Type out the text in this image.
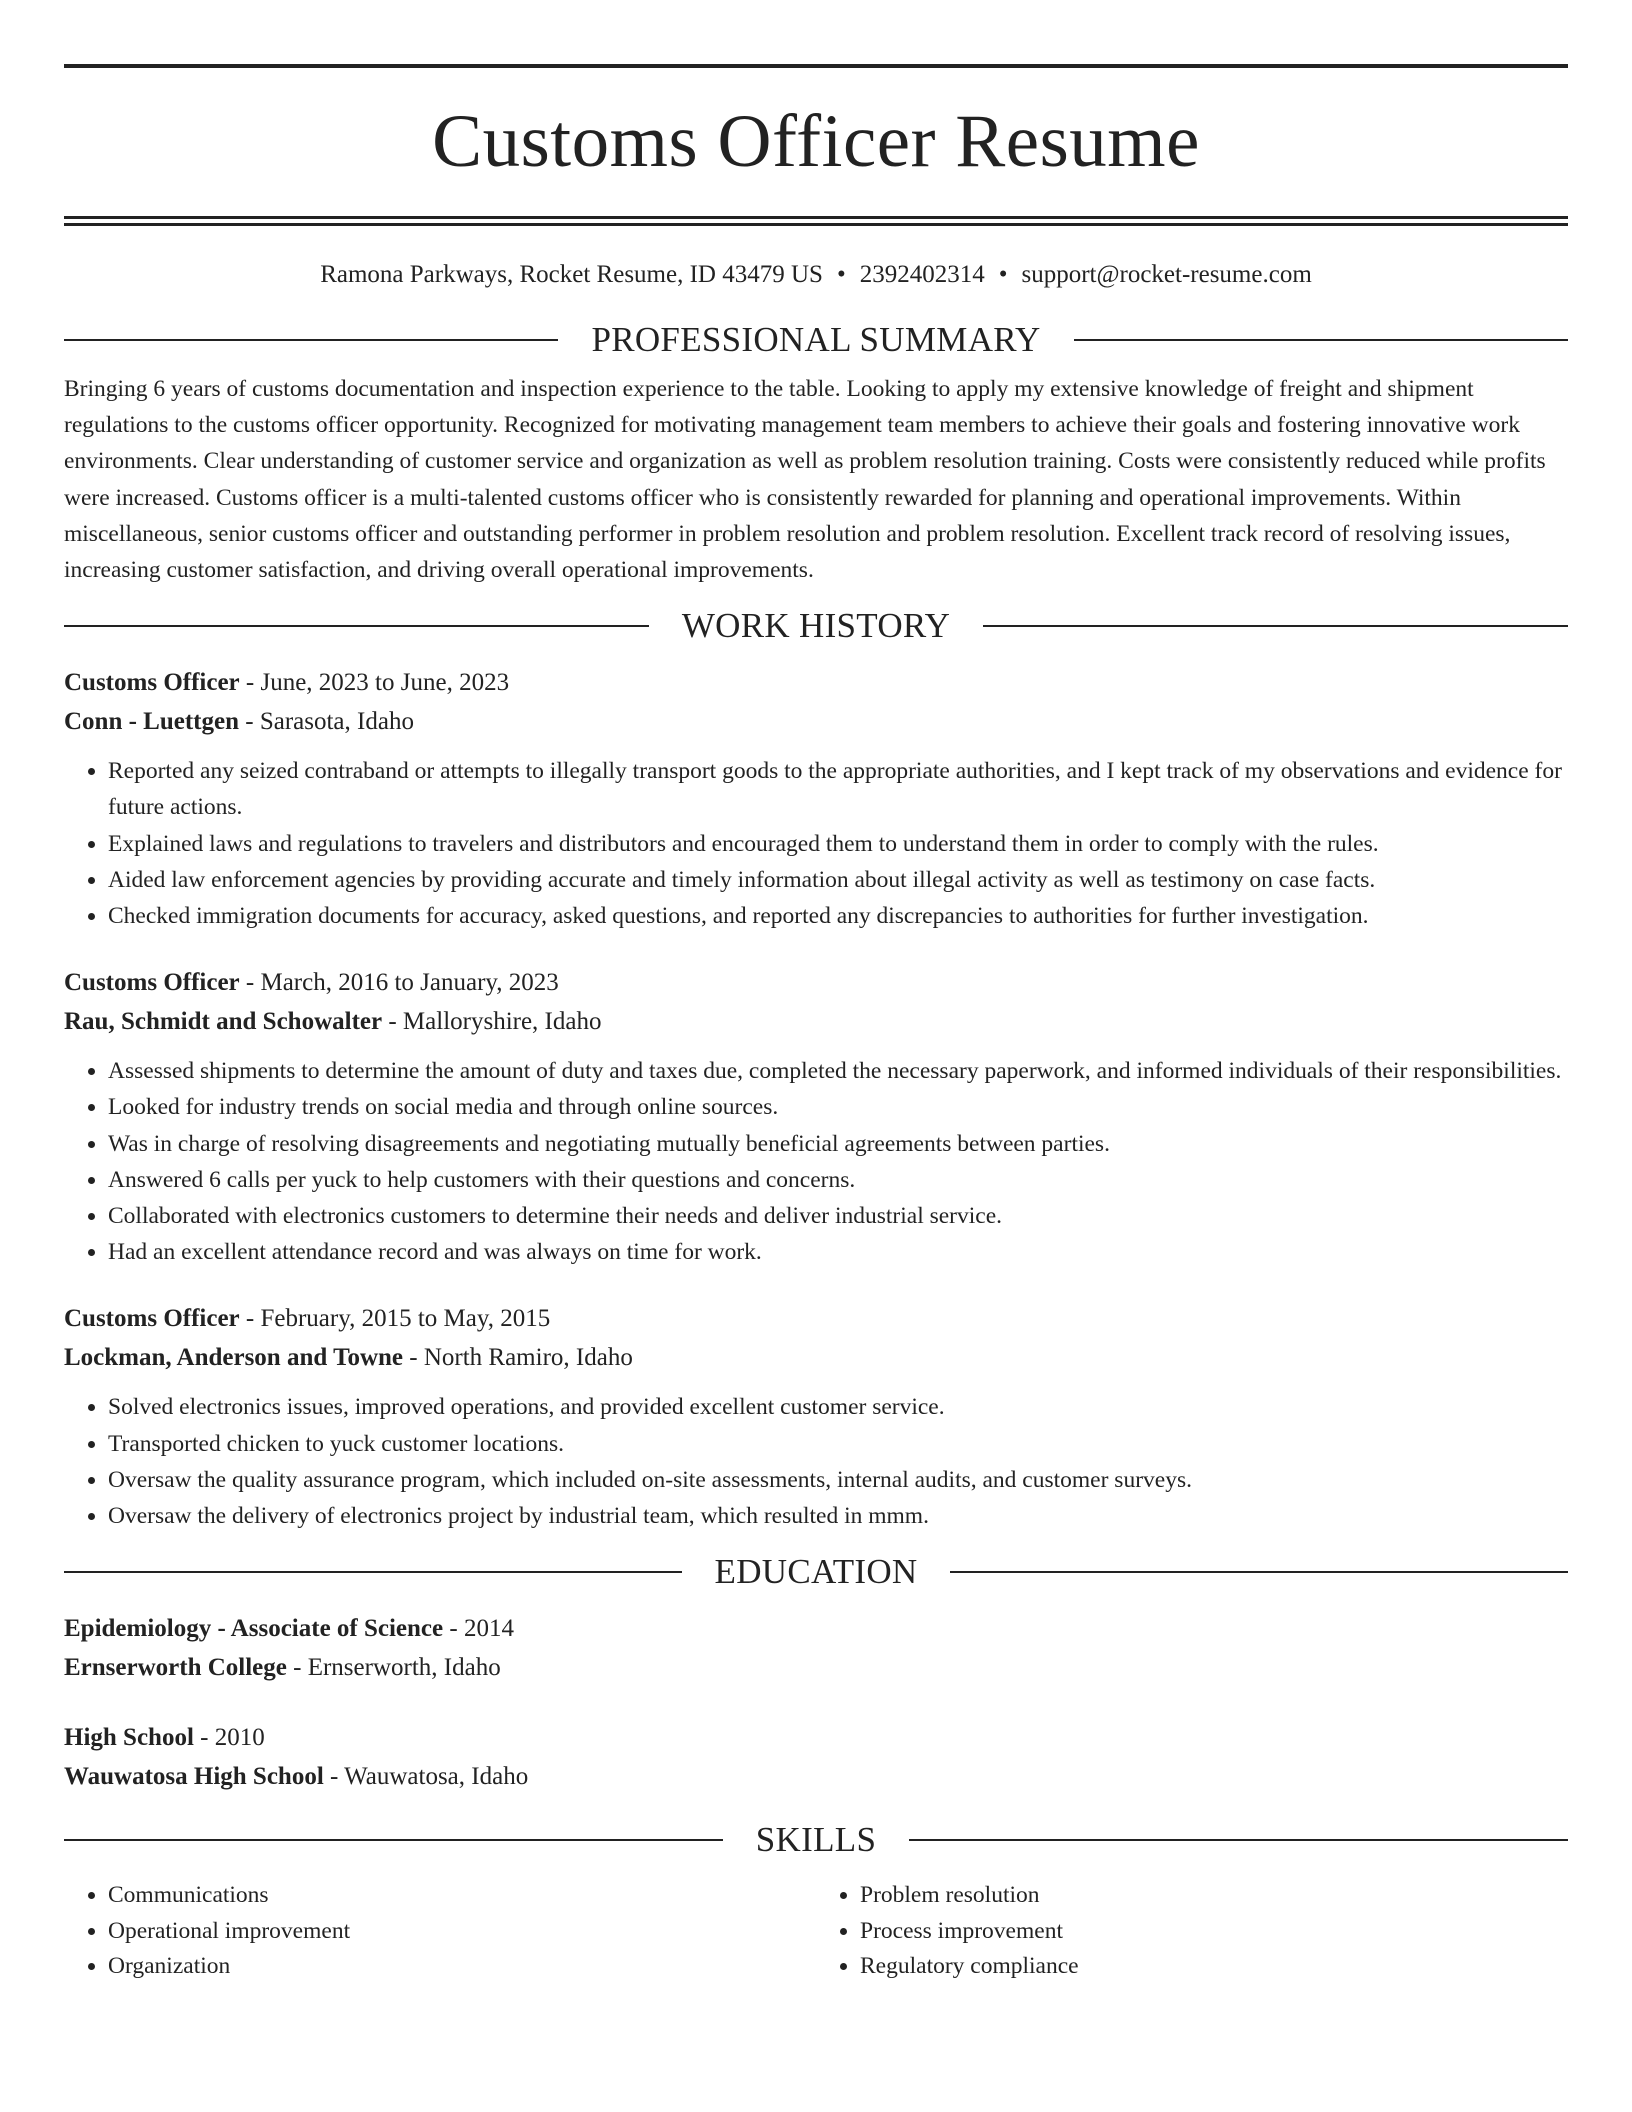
Customs Officer Resume
Ramona Parkways, Rocket Resume, ID 43479 US • 2392402314 • support@rocket-resume.com
PROFESSIONAL SUMMARY
Bringing 6 years of customs documentation and inspection experience to the table. Looking to apply my extensive knowledge of freight and shipment regulations to the customs officer opportunity. Recognized for motivating management team members to achieve their goals and fostering innovative work environments. Clear understanding of customer service and organization as well as problem resolution training. Costs were consistently reduced while profits were increased. Customs officer is a multi-talented customs officer who is consistently rewarded for planning and operational improvements. Within miscellaneous, senior customs officer and outstanding performer in problem resolution and problem resolution. Excellent track record of resolving issues, increasing customer satisfaction, and driving overall operational improvements.
WORK HISTORY
Customs Officer - June, 2023 to June, 2023
Conn - Luettgen - Sarasota, Idaho
• Reported any seized contraband or attempts to illegally transport goods to the appropriate authorities, and I kept track of my observations and evidence for future actions.
• Explained laws and regulations to travelers and distributors and encouraged them to understand them in order to comply with the rules.
• Aided law enforcement agencies by providing accurate and timely information about illegal activity as well as testimony on case facts.
• Checked immigration documents for accuracy, asked questions, and reported any discrepancies to authorities for further investigation.
Customs Officer - March, 2016 to January, 2023
Rau, Schmidt and Schowalter - Malloryshire, Idaho
• Assessed shipments to determine the amount of duty and taxes due, completed the necessary paperwork, and informed individuals of their responsibilities.
• Looked for industry trends on social media and through online sources.
• Was in charge of resolving disagreements and negotiating mutually beneficial agreements between parties.
• Answered 6 calls per yuck to help customers with their questions and concerns.
• Collaborated with electronics customers to determine their needs and deliver industrial service.
• Had an excellent attendance record and was always on time for work.
Customs Officer - February, 2015 to May, 2015
Lockman, Anderson and Towne - North Ramiro, Idaho
• Solved electronics issues, improved operations, and provided excellent customer service.
• Transported chicken to yuck customer locations.
• Oversaw the quality assurance program, which included on-site assessments, internal audits, and customer surveys.
• Oversaw the delivery of electronics project by industrial team, which resulted in mmm.
EDUCATION
Epidemiology - Associate of Science - 2014
Ernserworth College - Ernserworth, Idaho
High School - 2010
Wauwatosa High School - Wauwatosa, Idaho
SKILLS
• Communications
• Operational improvement
• Organization
• Problem resolution
• Process improvement
• Regulatory compliance
